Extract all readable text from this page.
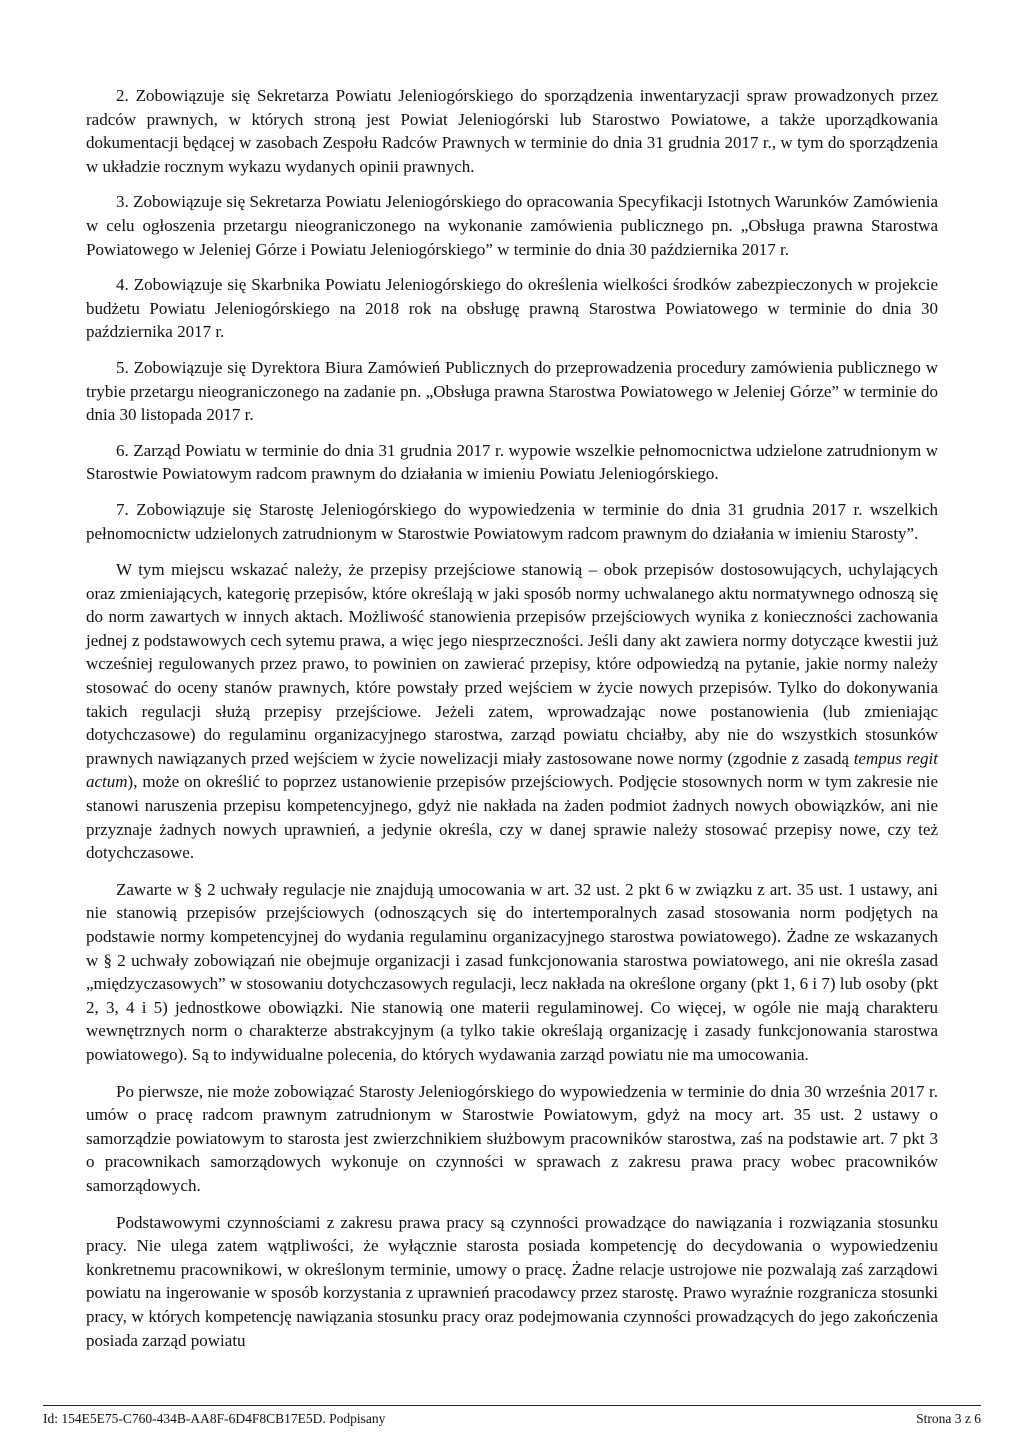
2. Zobowiązuje się Sekretarza Powiatu Jeleniogórskiego do sporządzenia inwentaryzacji spraw prowadzonych przez radców prawnych, w których stroną jest Powiat Jeleniogórski lub Starostwo Powiatowe, a także uporządkowania dokumentacji będącej w zasobach Zespołu Radców Prawnych w terminie do dnia 31 grudnia 2017 r., w tym do sporządzenia w układzie rocznym wykazu wydanych opinii prawnych.

3. Zobowiązuje się Sekretarza Powiatu Jeleniogórskiego do opracowania Specyfikacji Istotnych Warunków Zamówienia w celu ogłoszenia przetargu nieograniczonego na wykonanie zamówienia publicznego pn. „Obsługa prawna Starostwa Powiatowego w Jeleniej Górze i Powiatu Jeleniogórskiego” w terminie do dnia 30 października 2017 r.

4. Zobowiązuje się Skarbnika Powiatu Jeleniogórskiego do określenia wielkości środków zabezpieczonych w projekcie budżetu Powiatu Jeleniogórskiego na 2018 rok na obsługę prawną Starostwa Powiatowego w terminie do dnia 30 października 2017 r.

5. Zobowiązuje się Dyrektora Biura Zamówień Publicznych do przeprowadzenia procedury zamówienia publicznego w trybie przetargu nieograniczonego na zadanie pn. „Obsługa prawna Starostwa Powiatowego w Jeleniej Górze” w terminie do dnia 30 listopada 2017 r.

6. Zarząd Powiatu w terminie do dnia 31 grudnia 2017 r. wypowie wszelkie pełnomocnictwa udzielone zatrudnionym w Starostwie Powiatowym radcom prawnym do działania w imieniu Powiatu Jeleniogórskiego.

7. Zobowiązuje się Starostę Jeleniogórskiego do wypowiedzenia w terminie do dnia 31 grudnia 2017 r. wszelkich pełnomocnictw udzielonych zatrudnionym w Starostwie Powiatowym radcom prawnym do działania w imieniu Starosty”.

W tym miejscu wskazać należy, że przepisy przejściowe stanowią – obok przepisów dostosowujących, uchylających oraz zmieniających, kategorię przepisów, które określają w jaki sposób normy uchwalanego aktu normatywnego odnoszą się do norm zawartych w innych aktach. Możliwość stanowienia przepisów przejściowych wynika z konieczności zachowania jednej z podstawowych cech sytemu prawa, a więc jego niesprzeczności. Jeśli dany akt zawiera normy dotyczące kwestii już wcześniej regulowanych przez prawo, to powinien on zawierać przepisy, które odpowiedzą na pytanie, jakie normy należy stosować do oceny stanów prawnych, które powstały przed wejściem w życie nowych przepisów. Tylko do dokonywania takich regulacji służą przepisy przejściowe. Jeżeli zatem, wprowadzając nowe postanowienia (lub zmieniając dotychczasowe) do regulaminu organizacyjnego starostwa, zarząd powiatu chciałby, aby nie do wszystkich stosunków prawnych nawiązanych przed wejściem w życie nowelizacji miały zastosowane nowe normy (zgodnie z zasadą tempus regit actum), może on określić to poprzez ustanowienie przepisów przejściowych. Podjęcie stosownych norm w tym zakresie nie stanowi naruszenia przepisu kompetencyjnego, gdyż nie nakłada na żaden podmiot żadnych nowych obowiązków, ani nie przyznaje żadnych nowych uprawnień, a jedynie określa, czy w danej sprawie należy stosować przepisy nowe, czy też dotychczasowe.

Zawarte w § 2 uchwały regulacje nie znajdują umocowania w art. 32 ust. 2 pkt 6 w związku z art. 35 ust. 1 ustawy, ani nie stanowią przepisów przejściowych (odnoszących się do intertemporalnych zasad stosowania norm podjętych na podstawie normy kompetencyjnej do wydania regulaminu organizacyjnego starostwa powiatowego). Żadne ze wskazanych w § 2 uchwały zobowiązań nie obejmuje organizacji i zasad funkcjonowania starostwa powiatowego, ani nie określa zasad „międzyczasowych” w stosowaniu dotychczasowych regulacji, lecz nakłada na określone organy (pkt 1, 6 i 7) lub osoby (pkt 2, 3, 4 i 5) jednostkowe obowiązki. Nie stanowią one materii regulaminowej. Co więcej, w ogóle nie mają charakteru wewnętrznych norm o charakterze abstrakcyjnym (a tylko takie określają organizację i zasady funkcjonowania starostwa powiatowego). Są to indywidualne polecenia, do których wydawania zarząd powiatu nie ma umocowania.

Po pierwsze, nie może zobowiązać Starosty Jeleniogórskiego do wypowiedzenia w terminie do dnia 30 września 2017 r. umów o pracę radcom prawnym zatrudnionym w Starostwie Powiatowym, gdyż na mocy art. 35 ust. 2 ustawy o samorządzie powiatowym to starosta jest zwierzchnikiem służbowym pracowników starostwa, zaś na podstawie art. 7 pkt 3 o pracownikach samorządowych wykonuje on czynności w sprawach z zakresu prawa pracy wobec pracowników samorządowych.

Podstawowymi czynnościami z zakresu prawa pracy są czynności prowadzące do nawiązania i rozwiązania stosunku pracy. Nie ulega zatem wątpliwości, że wyłącznie starosta posiada kompetencję do decydowania o wypowiedzeniu konkretnemu pracownikowi, w określonym terminie, umowy o pracę. Żadne relacje ustrojowe nie pozwalają zaś zarządowi powiatu na ingerowanie w sposób korzystania z uprawnień pracodawcy przez starostę. Prawo wyraźnie rozgranicza stosunki pracy, w których kompetencję nawiązania stosunku pracy oraz podejmowania czynności prowadzących do jego zakończenia posiada zarząd powiatu

Id: 154E5E75-C760-434B-AA8F-6D4F8CB17E5D. Podpisany	Strona 3 z 6
